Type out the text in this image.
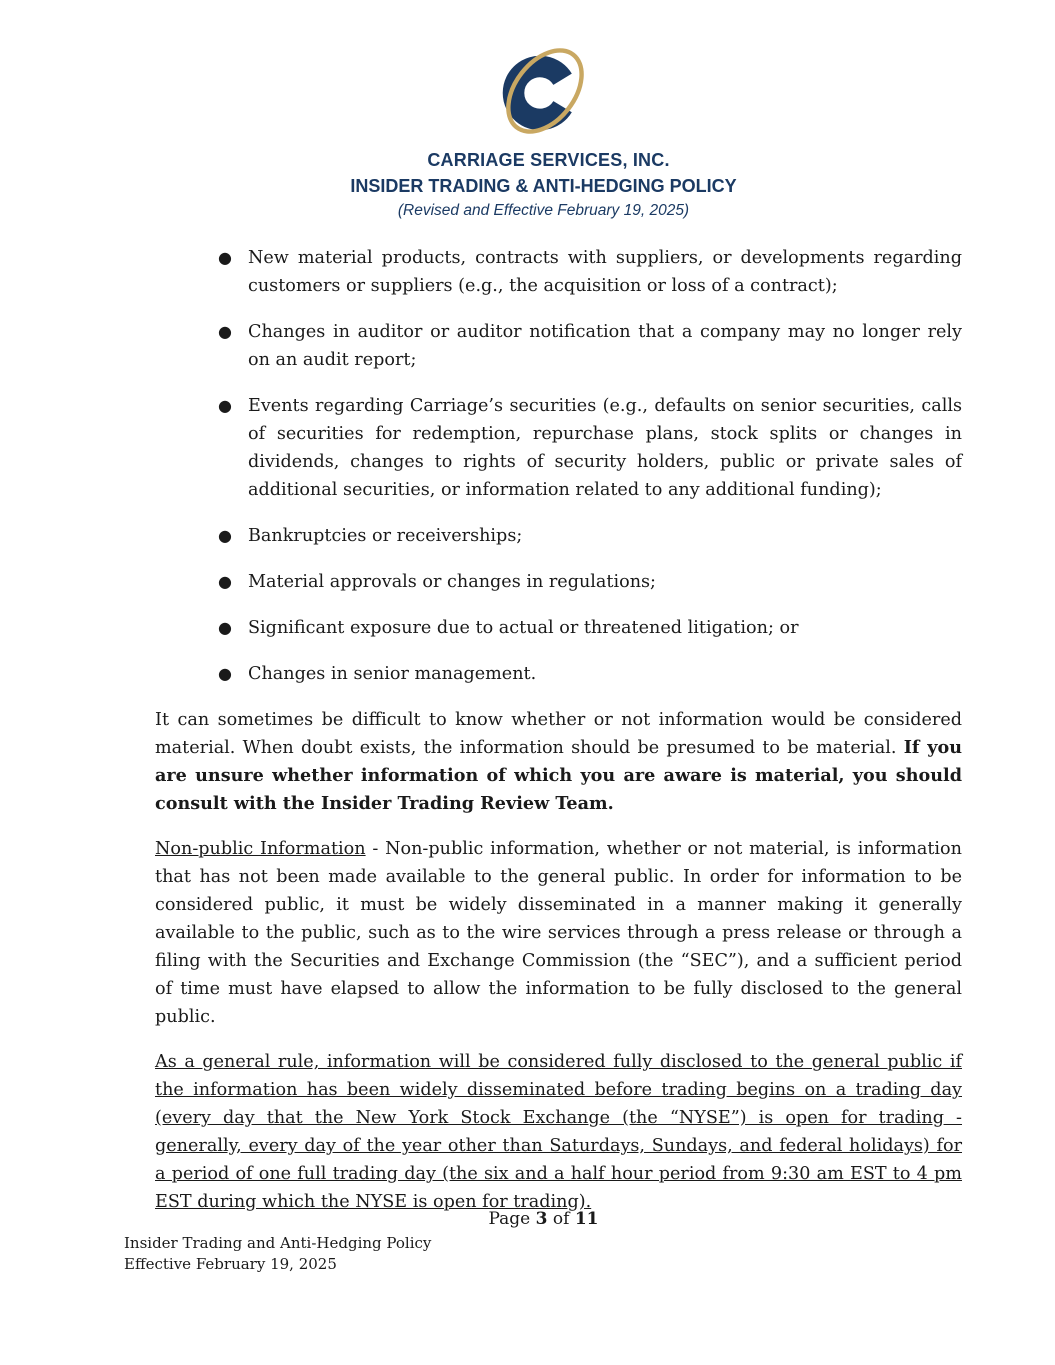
CARRIAGE SERVICES, INC.
INSIDER TRADING & ANTI-HEDGING POLICY
(Revised and Effective February 19, 2025)
● New material products, contracts with suppliers, or developments regarding customers or suppliers (e.g., the acquisition or loss of a contract);
● Changes in auditor or auditor notification that a company may no longer rely on an audit report;
● Events regarding Carriage’s securities (e.g., defaults on senior securities, calls of securities for redemption, repurchase plans, stock splits or changes in dividends, changes to rights of security holders, public or private sales of additional securities, or information related to any additional funding);
● Bankruptcies or receiverships;
● Material approvals or changes in regulations;
● Significant exposure due to actual or threatened litigation; or
● Changes in senior management.

It can sometimes be difficult to know whether or not information would be considered material. When doubt exists, the information should be presumed to be material. If you are unsure whether information of which you are aware is material, you should consult with the Insider Trading Review Team.

Non-public Information - Non-public information, whether or not material, is information that has not been made available to the general public. In order for information to be considered public, it must be widely disseminated in a manner making it generally available to the public, such as to the wire services through a press release or through a filing with the Securities and Exchange Commission (the “SEC”), and a sufficient period of time must have elapsed to allow the information to be fully disclosed to the general public.

As a general rule, information will be considered fully disclosed to the general public if the information has been widely disseminated before trading begins on a trading day (every day that the New York Stock Exchange (the “NYSE”) is open for trading - generally, every day of the year other than Saturdays, Sundays, and federal holidays) for a period of one full trading day (the six and a half hour period from 9:30 am EST to 4 pm EST during which the NYSE is open for trading).

Page 3 of 11
Insider Trading and Anti-Hedging Policy
Effective February 19, 2025
